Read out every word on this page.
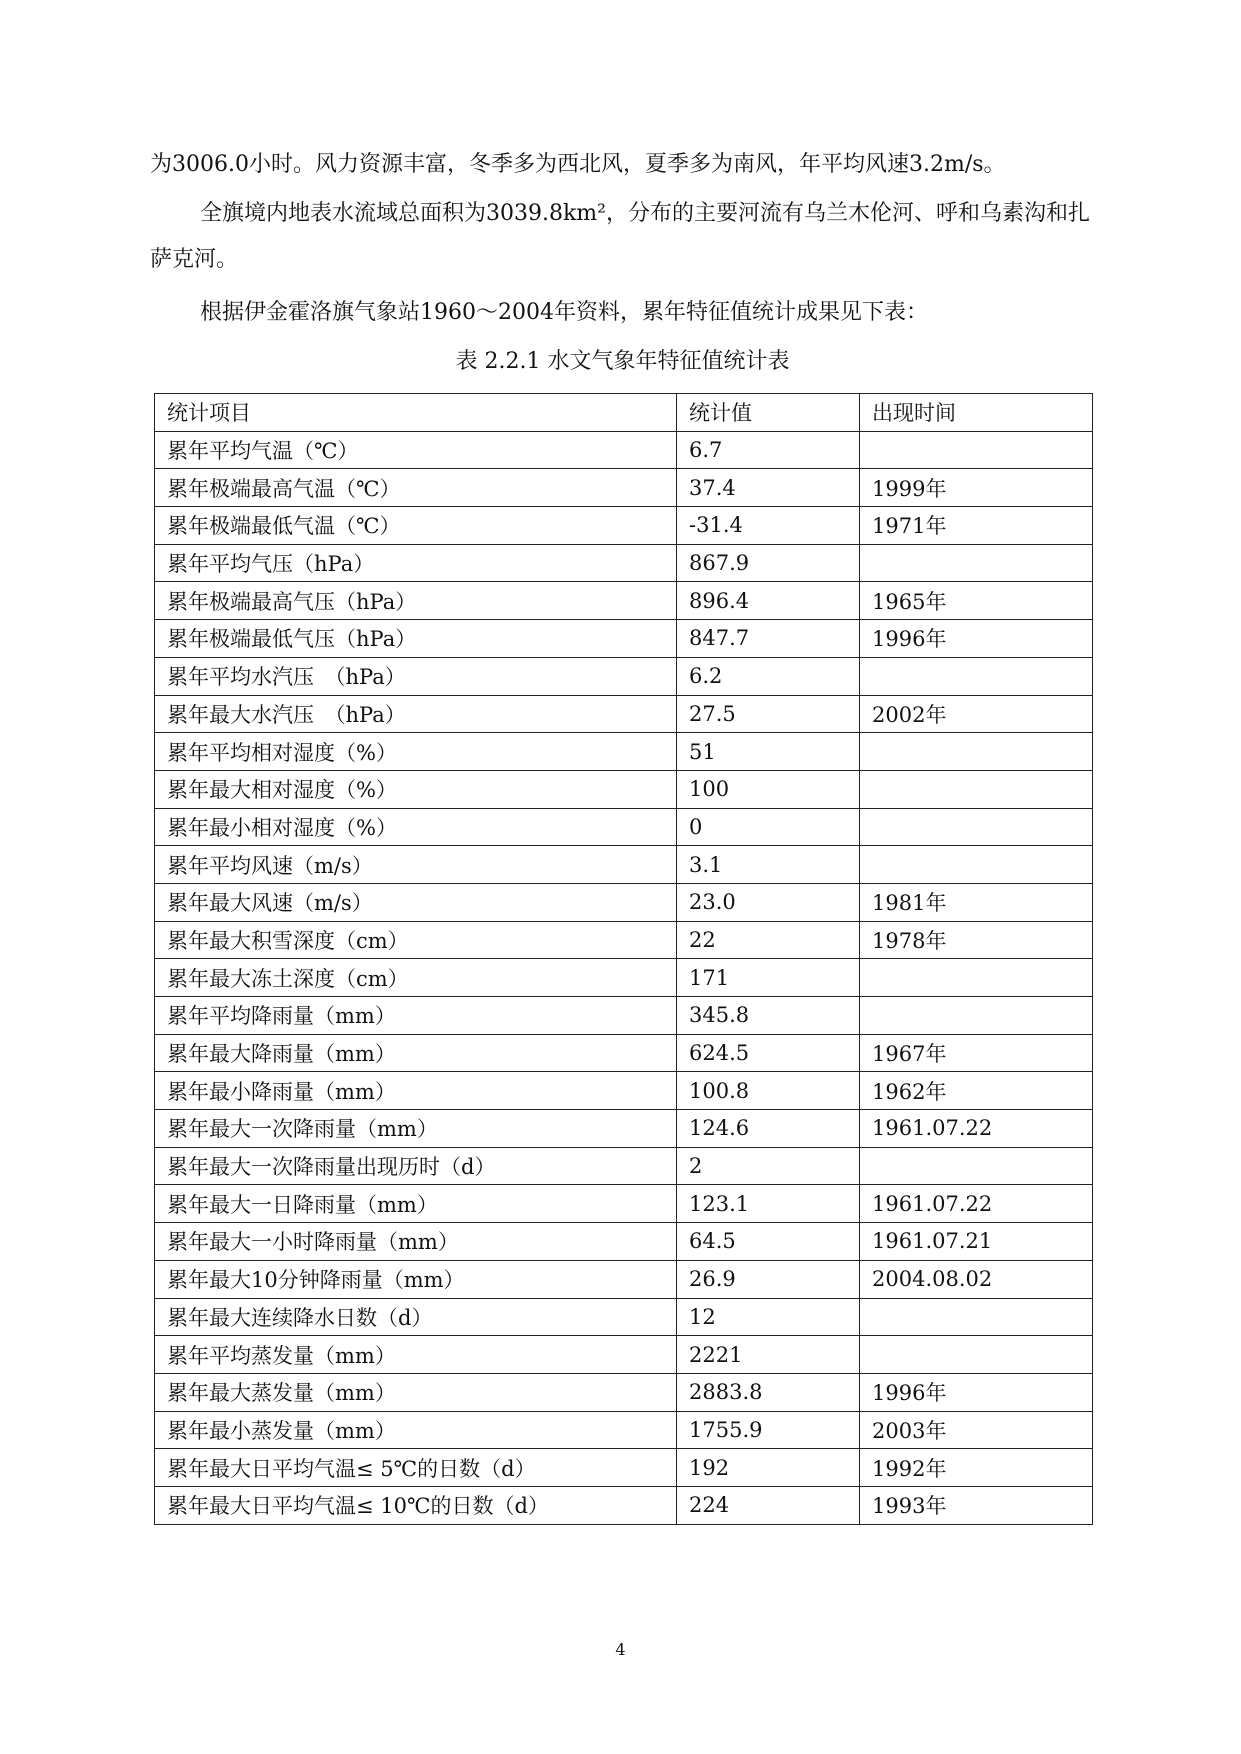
为3006.0小时。风力资源丰富，冬季多为西北风，夏季多为南风，年平均风速3.2m/s。

全旗境内地表水流域总面积为3039.8km²，分布的主要河流有乌兰木伦河、呼和乌素沟和扎萨克河。

根据伊金霍洛旗气象站1960～2004年资料，累年特征值统计成果见下表：

表 2.2.1 水文气象年特征值统计表
统计项目	统计值	出现时间
累年平均气温（℃）	6.7	
累年极端最高气温（℃）	37.4	1999年
累年极端最低气温（℃）	-31.4	1971年
累年平均气压（hPa）	867.9	
累年极端最高气压（hPa）	896.4	1965年
累年极端最低气压（hPa）	847.7	1996年
累年平均水汽压　（hPa）	6.2	
累年最大水汽压　（hPa）	27.5	2002年
累年平均相对湿度（%）	51	
累年最大相对湿度（%）	100	
累年最小相对湿度（%）	0	
累年平均风速（m/s）	3.1	
累年最大风速（m/s）	23.0	1981年
累年最大积雪深度（cm）	22	1978年
累年最大冻土深度（cm）	171	
累年平均降雨量（mm）	345.8	
累年最大降雨量（mm）	624.5	1967年
累年最小降雨量（mm）	100.8	1962年
累年最大一次降雨量（mm）	124.6	1961.07.22
累年最大一次降雨量出现历时（d）	2	
累年最大一日降雨量（mm）	123.1	1961.07.22
累年最大一小时降雨量（mm）	64.5	1961.07.21
累年最大10分钟降雨量（mm）	26.9	2004.08.02
累年最大连续降水日数（d）	12	
累年平均蒸发量（mm）	2221	
累年最大蒸发量（mm）	2883.8	1996年
累年最小蒸发量（mm）	1755.9	2003年
累年最大日平均气温≤ 5℃的日数（d）	192	1992年
累年最大日平均气温≤ 10℃的日数（d）	224	1993年
4
